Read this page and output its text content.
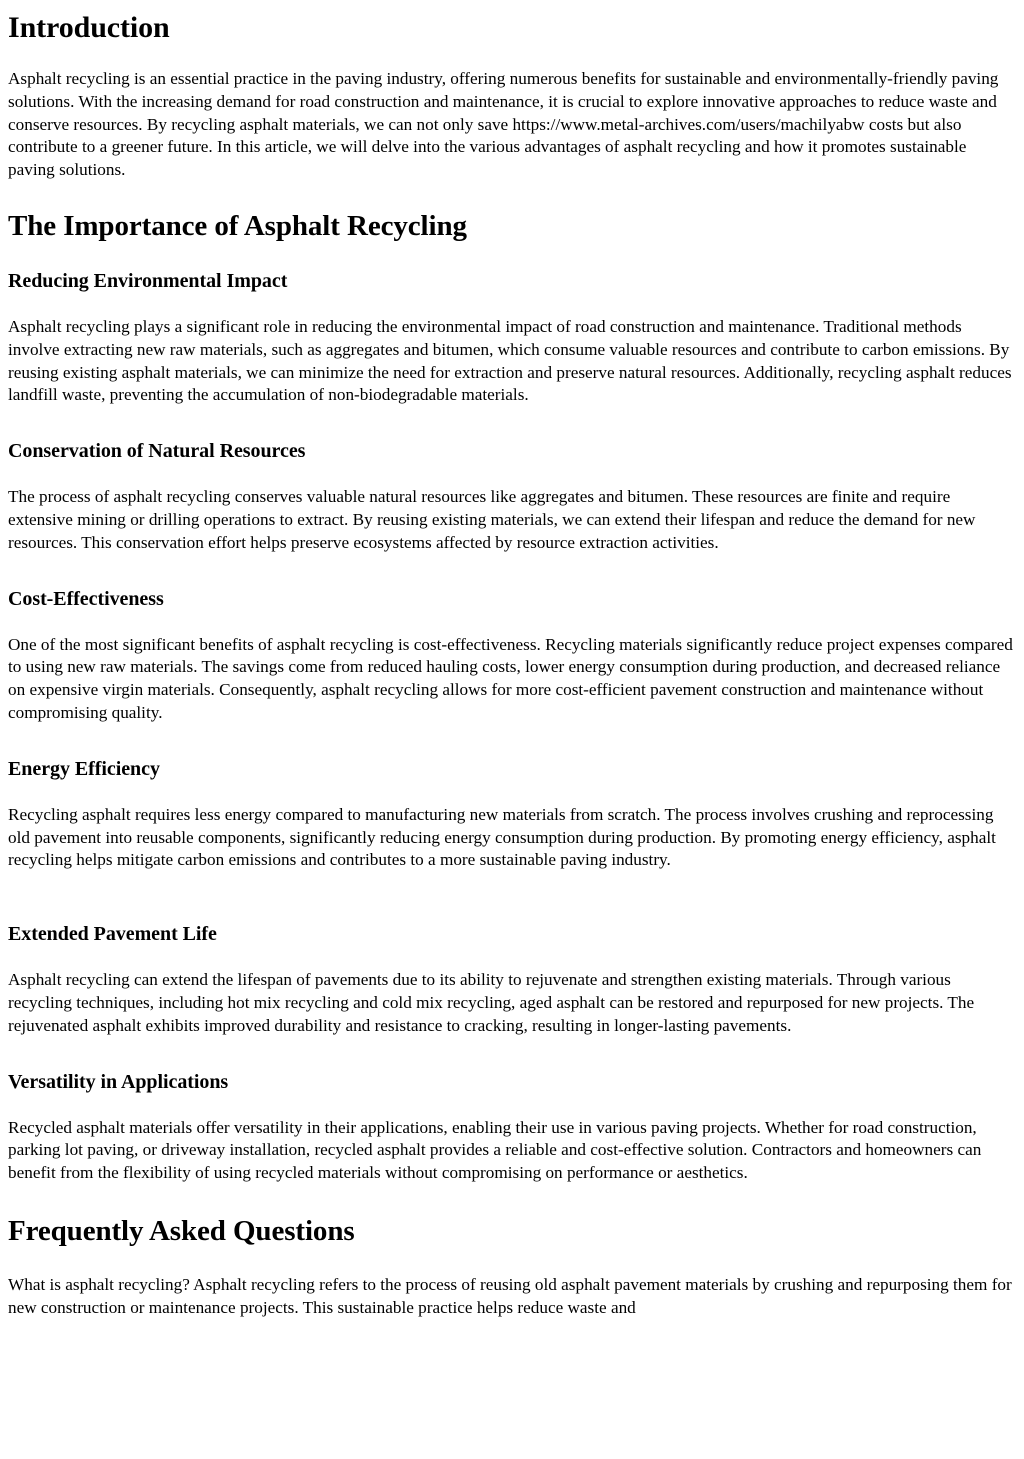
Introduction

Asphalt recycling is an essential practice in the paving industry, offering numerous benefits for sustainable and environmentally-friendly paving solutions. With the increasing demand for road construction and maintenance, it is crucial to explore innovative approaches to reduce waste and conserve resources. By recycling asphalt materials, we can not only save https://www.metal-archives.com/users/machilyabw costs but also contribute to a greener future. In this article, we will delve into the various advantages of asphalt recycling and how it promotes sustainable paving solutions.

The Importance of Asphalt Recycling
Reducing Environmental Impact

Asphalt recycling plays a significant role in reducing the environmental impact of road construction and maintenance. Traditional methods involve extracting new raw materials, such as aggregates and bitumen, which consume valuable resources and contribute to carbon emissions. By reusing existing asphalt materials, we can minimize the need for extraction and preserve natural resources. Additionally, recycling asphalt reduces landfill waste, preventing the accumulation of non-biodegradable materials.

Conservation of Natural Resources

The process of asphalt recycling conserves valuable natural resources like aggregates and bitumen. These resources are finite and require extensive mining or drilling operations to extract. By reusing existing materials, we can extend their lifespan and reduce the demand for new resources. This conservation effort helps preserve ecosystems affected by resource extraction activities.

Cost-Effectiveness

One of the most significant benefits of asphalt recycling is cost-effectiveness. Recycling materials significantly reduce project expenses compared to using new raw materials. The savings come from reduced hauling costs, lower energy consumption during production, and decreased reliance on expensive virgin materials. Consequently, asphalt recycling allows for more cost-efficient pavement construction and maintenance without compromising quality.

Energy Efficiency

Recycling asphalt requires less energy compared to manufacturing new materials from scratch. The process involves crushing and reprocessing old pavement into reusable components, significantly reducing energy consumption during production. By promoting energy efficiency, asphalt recycling helps mitigate carbon emissions and contributes to a more sustainable paving industry.

Extended Pavement Life

Asphalt recycling can extend the lifespan of pavements due to its ability to rejuvenate and strengthen existing materials. Through various recycling techniques, including hot mix recycling and cold mix recycling, aged asphalt can be restored and repurposed for new projects. The rejuvenated asphalt exhibits improved durability and resistance to cracking, resulting in longer-lasting pavements.

Versatility in Applications

Recycled asphalt materials offer versatility in their applications, enabling their use in various paving projects. Whether for road construction, parking lot paving, or driveway installation, recycled asphalt provides a reliable and cost-effective solution. Contractors and homeowners can benefit from the flexibility of using recycled materials without compromising on performance or aesthetics.

Frequently Asked Questions

What is asphalt recycling? Asphalt recycling refers to the process of reusing old asphalt pavement materials by crushing and repurposing them for new construction or maintenance projects. This sustainable practice helps reduce waste and
